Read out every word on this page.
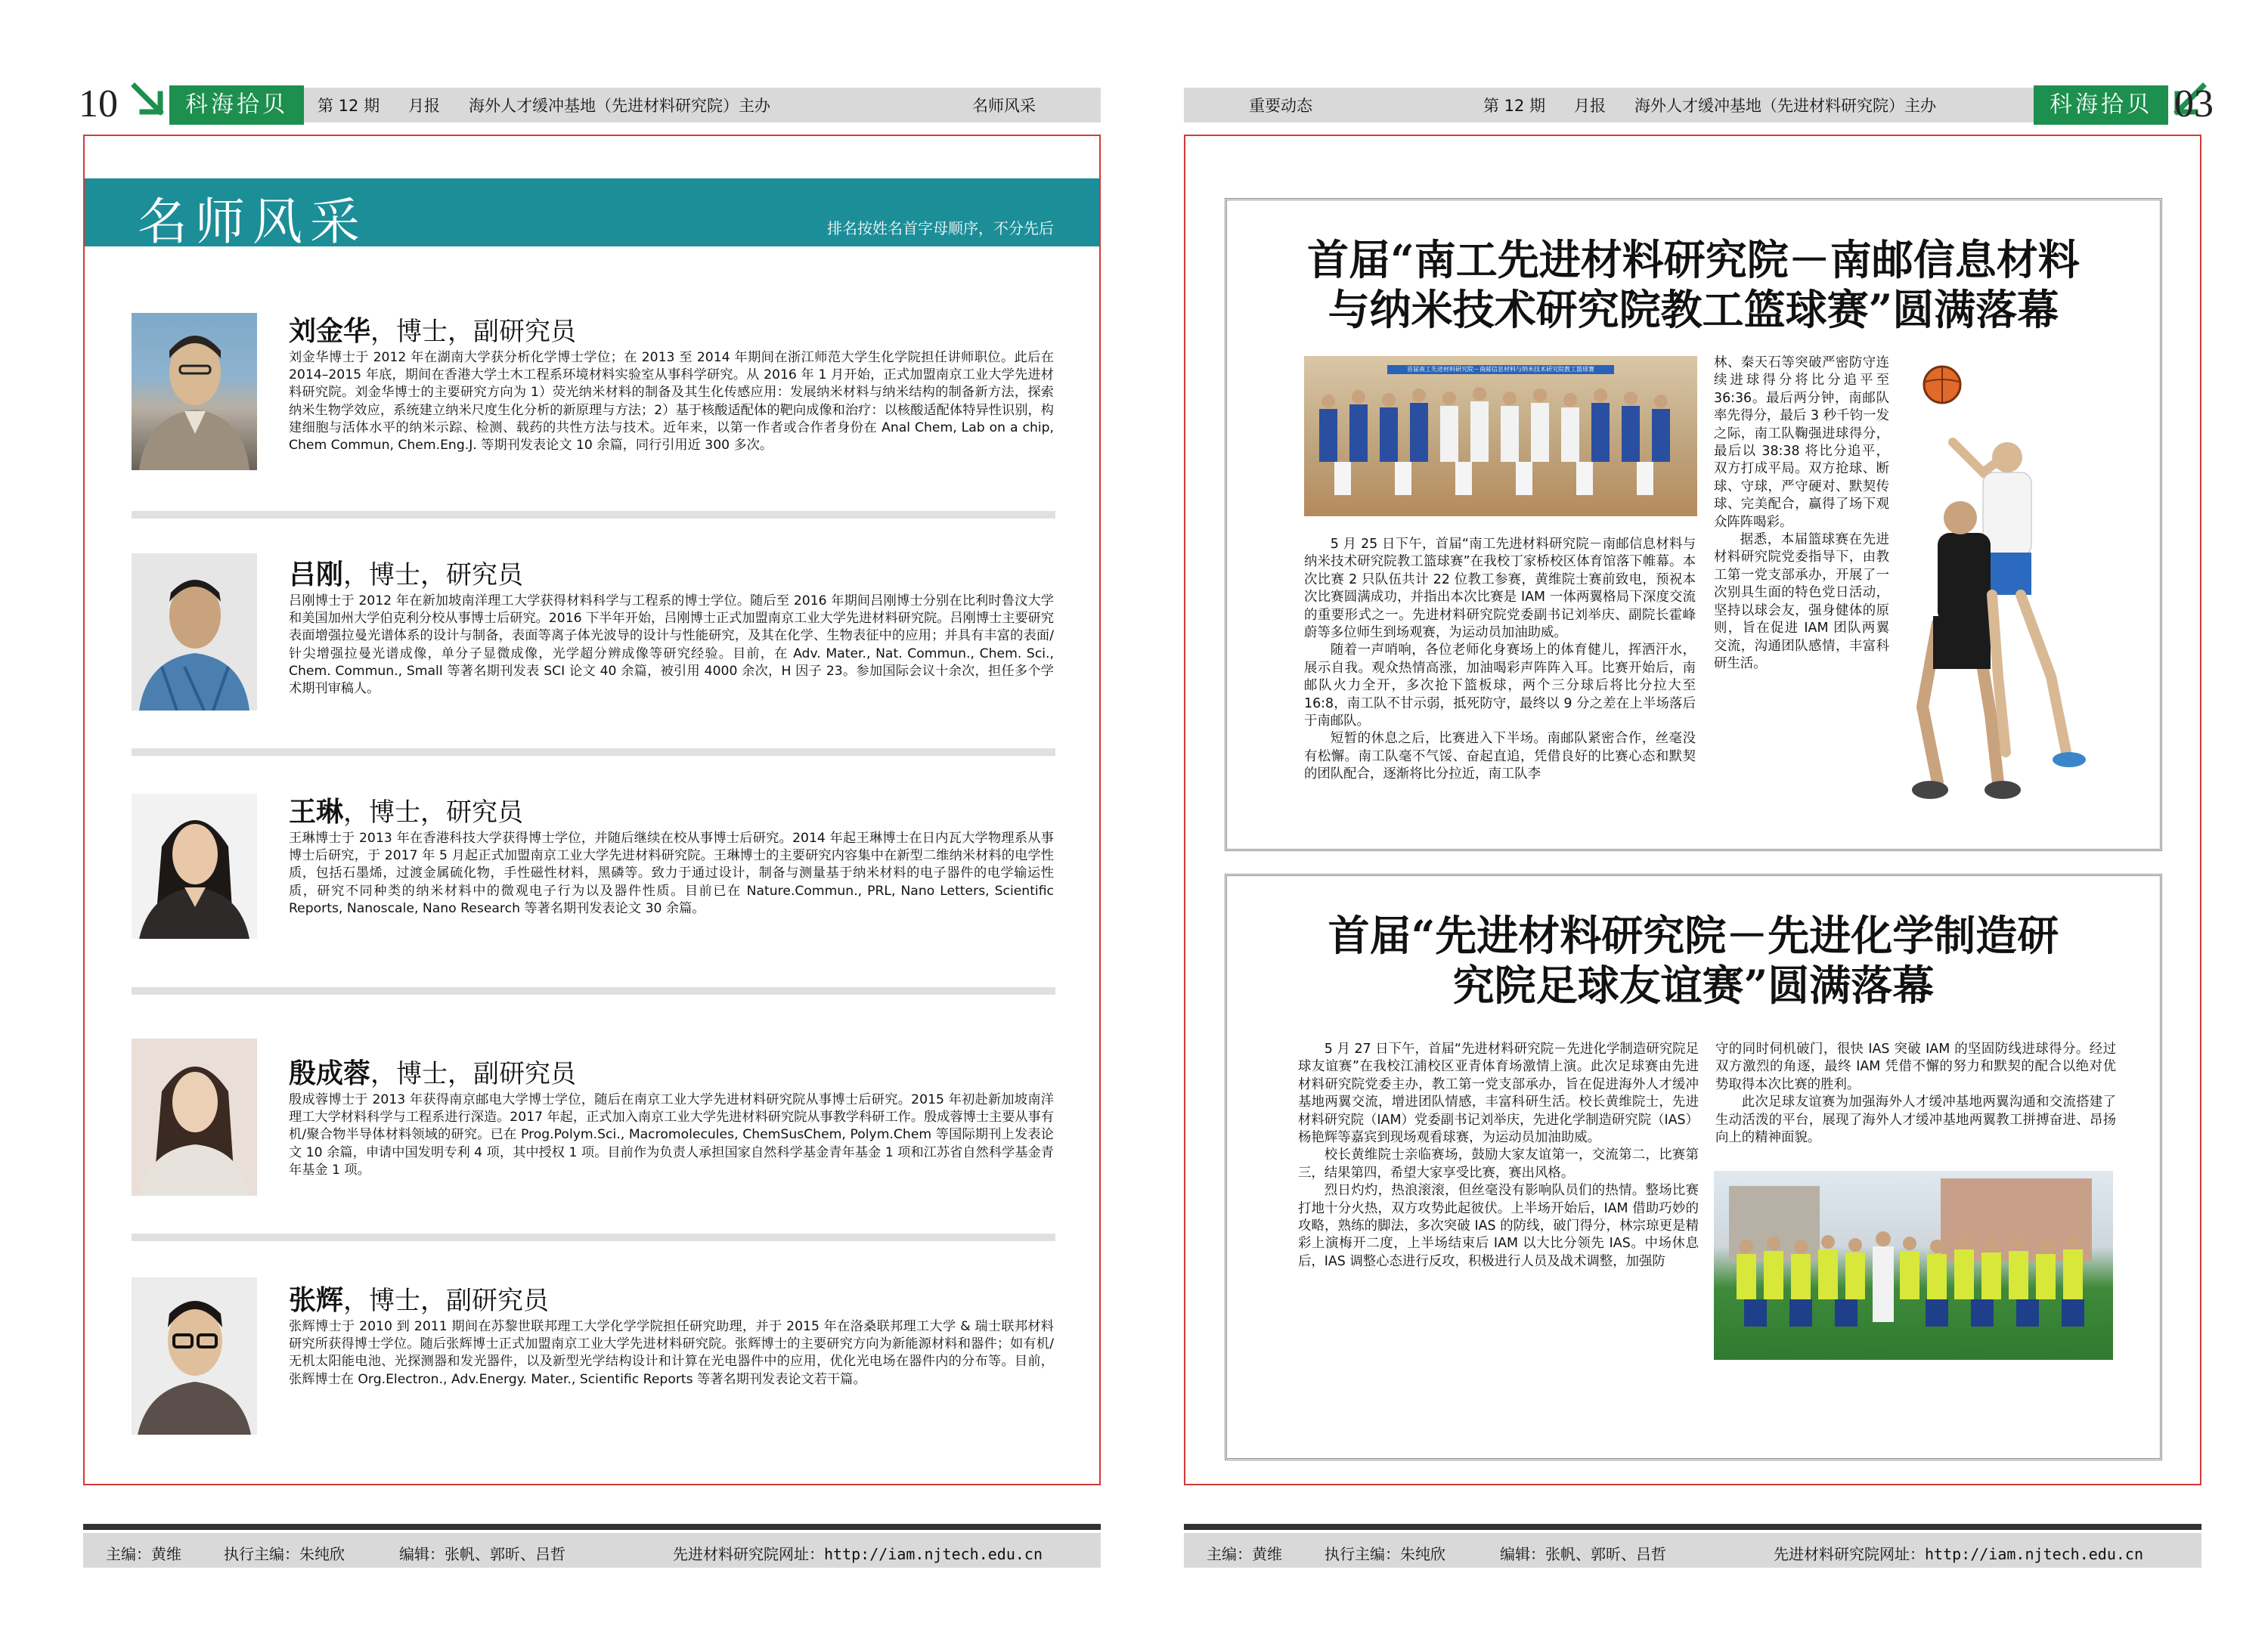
10	科海拾贝	第 12 期 月报 海外人才缓冲基地（先进材料研究院）主办	名师风采
名师风采	排名按姓名首字母顺序，不分先后
刘金华，博士，副研究员
刘金华博士于 2012 年在湖南大学获分析化学博士学位；在 2013 至 2014 年期间在浙江师范大学生化学院担任讲师职位。此后在 2014–2015 年底，期间在香港大学土木工程系环境材料实验室从事科学研究。从 2016 年 1 月开始，正式加盟南京工业大学先进材料研究院。刘金华博士的主要研究方向为 1）荧光纳米材料的制备及其生化传感应用：发展纳米材料与纳米结构的制备新方法，探索纳米生物学效应，系统建立纳米尺度生化分析的新原理与方法；2）基于核酸适配体的靶向成像和治疗：以核酸适配体特异性识别，构建细胞与活体水平的纳米示踪、检测、载药的共性方法与技术。近年来，以第一作者或合作者身份在 Anal Chem, Lab on a chip, Chem Commun, Chem.Eng.J. 等期刊发表论文 10 余篇，同行引用近 300 多次。
吕刚，博士，研究员
吕刚博士于 2012 年在新加坡南洋理工大学获得材料科学与工程系的博士学位。随后至 2016 年期间吕刚博士分别在比利时鲁汶大学和美国加州大学伯克利分校从事博士后研究。2016 下半年开始，吕刚博士正式加盟南京工业大学先进材料研究院。吕刚博士主要研究表面增强拉曼光谱体系的设计与制备，表面等离子体光波导的设计与性能研究，及其在化学、生物表征中的应用；并具有丰富的表面/针尖增强拉曼光谱成像，单分子显微成像，光学超分辨成像等研究经验。目前，在 Adv. Mater., Nat. Commun., Chem. Sci., Chem. Commun., Small 等著名期刊发表 SCI 论文 40 余篇，被引用 4000 余次，H 因子 23。参加国际会议十余次，担任多个学术期刊审稿人。
王琳，博士，研究员
王琳博士于 2013 年在香港科技大学获得博士学位，并随后继续在校从事博士后研究。2014 年起王琳博士在日内瓦大学物理系从事博士后研究，于 2017 年 5 月起正式加盟南京工业大学先进材料研究院。王琳博士的主要研究内容集中在新型二维纳米材料的电学性质，包括石墨烯，过渡金属硫化物，手性磁性材料，黑磷等。致力于通过设计，制备与测量基于纳米材料的电子器件的电学输运性质，研究不同种类的纳米材料中的微观电子行为以及器件性质。目前已在 Nature.Commun., PRL, Nano Letters, Scientific Reports, Nanoscale, Nano Research 等著名期刊发表论文 30 余篇。
殷成蓉，博士，副研究员
殷成蓉博士于 2013 年获得南京邮电大学博士学位，随后在南京工业大学先进材料研究院从事博士后研究。2015 年初赴新加坡南洋理工大学材料科学与工程系进行深造。2017 年起，正式加入南京工业大学先进材料研究院从事教学科研工作。殷成蓉博士主要从事有机/聚合物半导体材料领域的研究。已在 Prog.Polym.Sci., Macromolecules, ChemSusChem, Polym.Chem 等国际期刊上发表论文 10 余篇，申请中国发明专利 4 项，其中授权 1 项。目前作为负责人承担国家自然科学基金青年基金 1 项和江苏省自然科学基金青年基金 1 项。
张辉，博士，副研究员
张辉博士于 2010 到 2011 期间在苏黎世联邦理工大学化学学院担任研究助理，并于 2015 年在洛桑联邦理工大学 & 瑞士联邦材料研究所获得博士学位。随后张辉博士正式加盟南京工业大学先进材料研究院。张辉博士的主要研究方向为新能源材料和器件；如有机/无机太阳能电池、光探测器和发光器件，以及新型光学结构设计和计算在光电器件中的应用，优化光电场在器件内的分布等。目前，张辉博士在 Org.Electron., Adv.Energy. Mater., Scientific Reports 等著名期刊发表论文若干篇。
主编：黄维	执行主编：朱纯欣	编辑：张帆、郭昕、吕哲	先进材料研究院网址：http://iam.njtech.edu.cn
重要动态	第 12 期 月报 海外人才缓冲基地（先进材料研究院）主办	科海拾贝 03
首届“南工先进材料研究院－南邮信息材料
与纳米技术研究院教工篮球赛”圆满落幕
首届南工先进材料研究院－南邮信息材料与纳米技术研究院教工篮球赛

5 月 25 日下午，首届“南工先进材料研究院－南邮信息材料与纳米技术研究院教工篮球赛”在我校丁家桥校区体育馆落下帷幕。本次比赛 2 只队伍共计 22 位教工参赛，黄维院士赛前致电，预祝本次比赛圆满成功，并指出本次比赛是 IAM 一体两翼格局下深度交流的重要形式之一。先进材料研究院党委副书记刘举庆、副院长霍峰蔚等多位师生到场观赛，为运动员加油助威。

随着一声哨响，各位老师化身赛场上的体育健儿，挥洒汗水，展示自我。观众热情高涨，加油喝彩声阵阵入耳。比赛开始后，南邮队火力全开，多次抢下篮板球，两个三分球后将比分拉大至 16:8，南工队不甘示弱，抵死防守，最终以 9 分之差在上半场落后于南邮队。

短暂的休息之后，比赛进入下半场。南邮队紧密合作，丝毫没有松懈。南工队毫不气馁、奋起直追，凭借良好的比赛心态和默契的团队配合，逐渐将比分拉近，南工队李

林、秦天石等突破严密防守连续进球得分将比分追平至 36:36。最后两分钟，南邮队率先得分，最后 3 秒千钧一发之际，南工队鞠强进球得分，最后以 38:38 将比分追平，双方打成平局。双方抢球、断球、守球，严守硬对、默契传球、完美配合，赢得了场下观众阵阵喝彩。

据悉，本届篮球赛在先进材料研究院党委指导下，由教工第一党支部承办，开展了一次别具生面的特色党日活动，坚持以球会友，强身健体的原则，旨在促进 IAM 团队两翼交流，沟通团队感情，丰富科研生活。

首届“先进材料研究院－先进化学制造研
究院足球友谊赛”圆满落幕

5 月 27 日下午，首届“先进材料研究院－先进化学制造研究院足球友谊赛”在我校江浦校区亚青体育场激情上演。此次足球赛由先进材料研究院党委主办，教工第一党支部承办，旨在促进海外人才缓冲基地两翼交流，增进团队情感，丰富科研生活。校长黄维院士，先进材料研究院（IAM）党委副书记刘举庆，先进化学制造研究院（IAS）杨艳辉等嘉宾到现场观看球赛，为运动员加油助威。

校长黄维院士亲临赛场，鼓励大家友谊第一，交流第二，比赛第三，结果第四，希望大家享受比赛，赛出风格。

烈日灼灼，热浪滚滚，但丝毫没有影响队员们的热情。整场比赛打地十分火热，双方攻势此起彼伏。上半场开始后，IAM 借助巧妙的攻略，熟练的脚法，多次突破 IAS 的防线，破门得分，林宗琼更是精彩上演梅开二度，上半场结束后 IAM 以大比分领先 IAS。中场休息后，IAS 调整心态进行反攻，积极进行人员及战术调整，加强防

守的同时伺机破门，很快 IAS 突破 IAM 的坚固防线进球得分。经过双方激烈的角逐，最终 IAM 凭借不懈的努力和默契的配合以绝对优势取得本次比赛的胜利。

此次足球友谊赛为加强海外人才缓冲基地两翼沟通和交流搭建了生动活泼的平台，展现了海外人才缓冲基地两翼教工拼搏奋进、昂扬向上的精神面貌。

主编：黄维	执行主编：朱纯欣	编辑：张帆、郭昕、吕哲	先进材料研究院网址：http://iam.njtech.edu.cn
